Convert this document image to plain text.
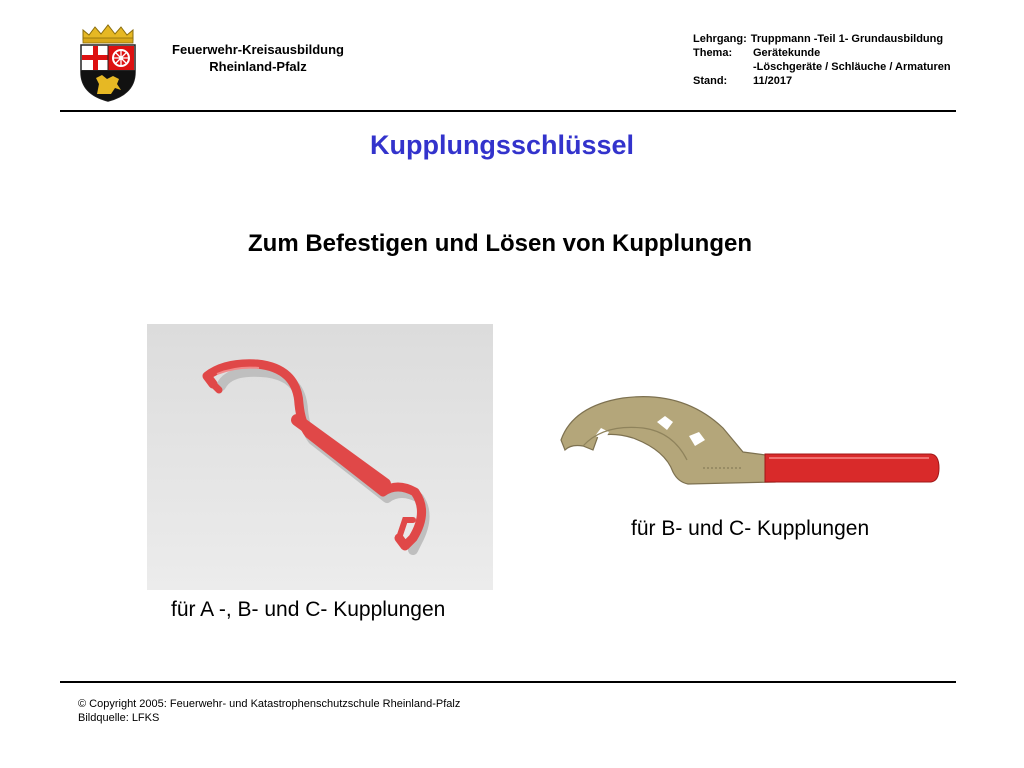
Feuerwehr-Kreisausbildung
Rheinland-Pfalz
Lehrgang: Truppmann -Teil 1- Grundausbildung
Thema:	Gerätekunde
-Löschgeräte / Schläuche / Armaturen
Stand:	11/2017
Kupplungsschlüssel
Zum Befestigen und Lösen von Kupplungen
für B- und C- Kupplungen
für A -, B- und C- Kupplungen
© Copyright 2005: Feuerwehr- und Katastrophenschutzschule Rheinland-Pfalz
Bildquelle: LFKS
